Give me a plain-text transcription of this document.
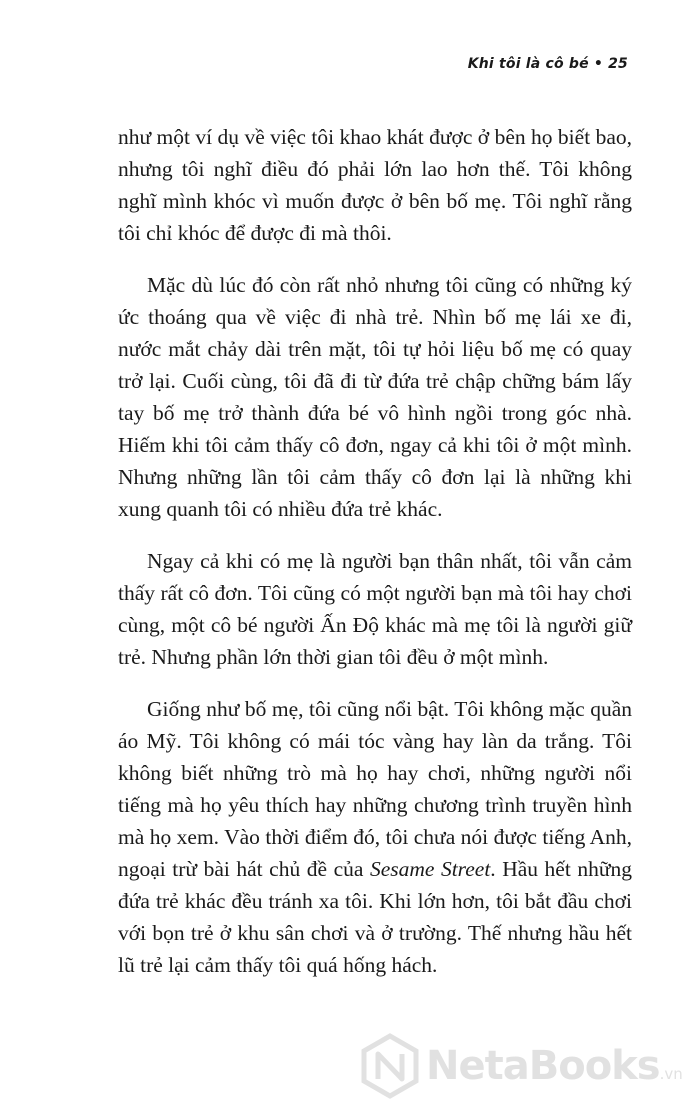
Khi tôi là cô bé • 25

như một ví dụ về việc tôi khao khát được ở bên họ biết bao, nhưng tôi nghĩ điều đó phải lớn lao hơn thế. Tôi không nghĩ mình khóc vì muốn được ở bên bố mẹ. Tôi nghĩ rằng tôi chỉ khóc để được đi mà thôi.

Mặc dù lúc đó còn rất nhỏ nhưng tôi cũng có những ký ức thoáng qua về việc đi nhà trẻ. Nhìn bố mẹ lái xe đi, nước mắt chảy dài trên mặt, tôi tự hỏi liệu bố mẹ có quay trở lại. Cuối cùng, tôi đã đi từ đứa trẻ chập chững bám lấy tay bố mẹ trở thành đứa bé vô hình ngồi trong góc nhà. Hiếm khi tôi cảm thấy cô đơn, ngay cả khi tôi ở một mình. Nhưng những lần tôi cảm thấy cô đơn lại là những khi xung quanh tôi có nhiều đứa trẻ khác.

Ngay cả khi có mẹ là người bạn thân nhất, tôi vẫn cảm thấy rất cô đơn. Tôi cũng có một người bạn mà tôi hay chơi cùng, một cô bé người Ấn Độ khác mà mẹ tôi là người giữ trẻ. Nhưng phần lớn thời gian tôi đều ở một mình.

Giống như bố mẹ, tôi cũng nổi bật. Tôi không mặc quần áo Mỹ. Tôi không có mái tóc vàng hay làn da trắng. Tôi không biết những trò mà họ hay chơi, những người nổi tiếng mà họ yêu thích hay những chương trình truyền hình mà họ xem. Vào thời điểm đó, tôi chưa nói được tiếng Anh, ngoại trừ bài hát chủ đề của Sesame Street. Hầu hết những đứa trẻ khác đều tránh xa tôi. Khi lớn hơn, tôi bắt đầu chơi với bọn trẻ ở khu sân chơi và ở trường. Thế nhưng hầu hết lũ trẻ lại cảm thấy tôi quá hống hách.

NetaBooks.vn
